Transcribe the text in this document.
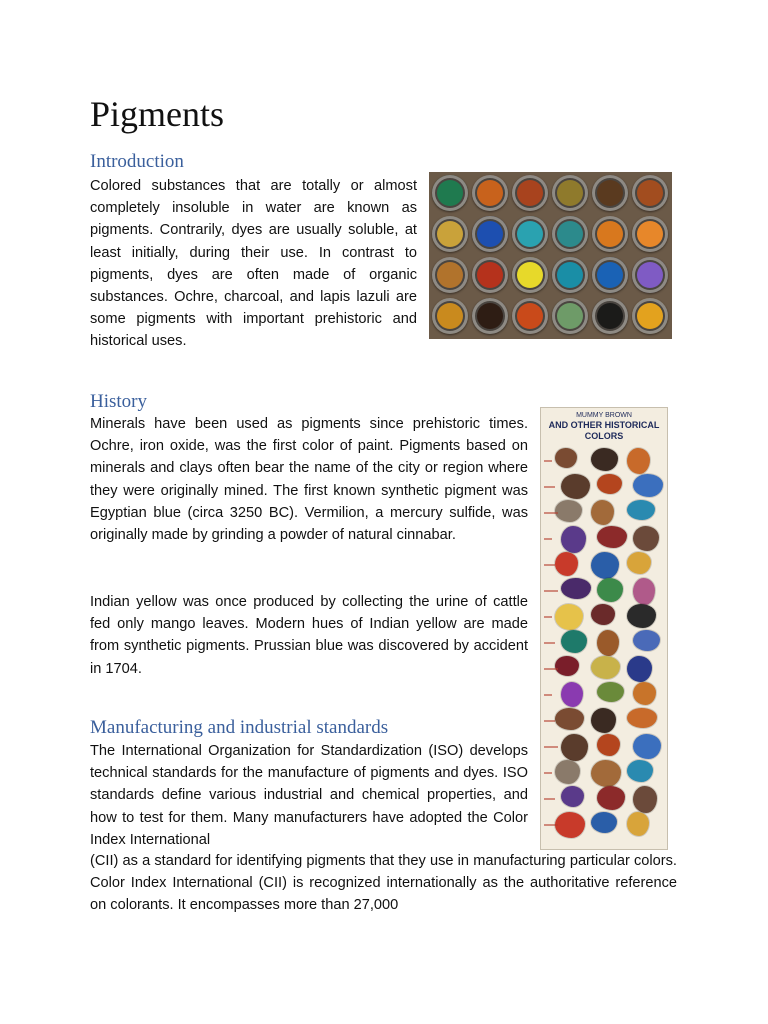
Pigments
Introduction

Colored substances that are totally or almost completely insoluble in water are known as pigments. Contrarily, dyes are usually soluble, at least initially, during their use. In contrast to pigments, dyes are often made of organic substances. Ochre, charcoal, and lapis lazuli are some pigments with important prehistoric and historical uses.

History

Minerals have been used as pigments since prehistoric times. Ochre, iron oxide, was the first color of paint. Pigments based on minerals and clays often bear the name of the city or region where they were originally mined. The first known synthetic pigment was Egyptian blue (circa 3250 BC). Vermilion, a mercury sulfide, was originally made by grinding a powder of natural cinnabar.

Indian yellow was once produced by collecting the urine of cattle fed only mango leaves. Modern hues of Indian yellow are made from synthetic pigments. Prussian blue was discovered by accident in 1704.

MUMMY BROWN
AND OTHER HISTORICAL COLORS
Manufacturing and industrial standards

The International Organization for Standardization (ISO) develops technical standards for the manufacture of pigments and dyes. ISO standards define various industrial and chemical properties, and how to test for them. Many manufacturers have adopted the Color Index International

(CII) as a standard for identifying pigments that they use in manufacturing particular colors. Color Index International (CII) is recognized internationally as the authoritative reference on colorants. It encompasses more than 27,000
